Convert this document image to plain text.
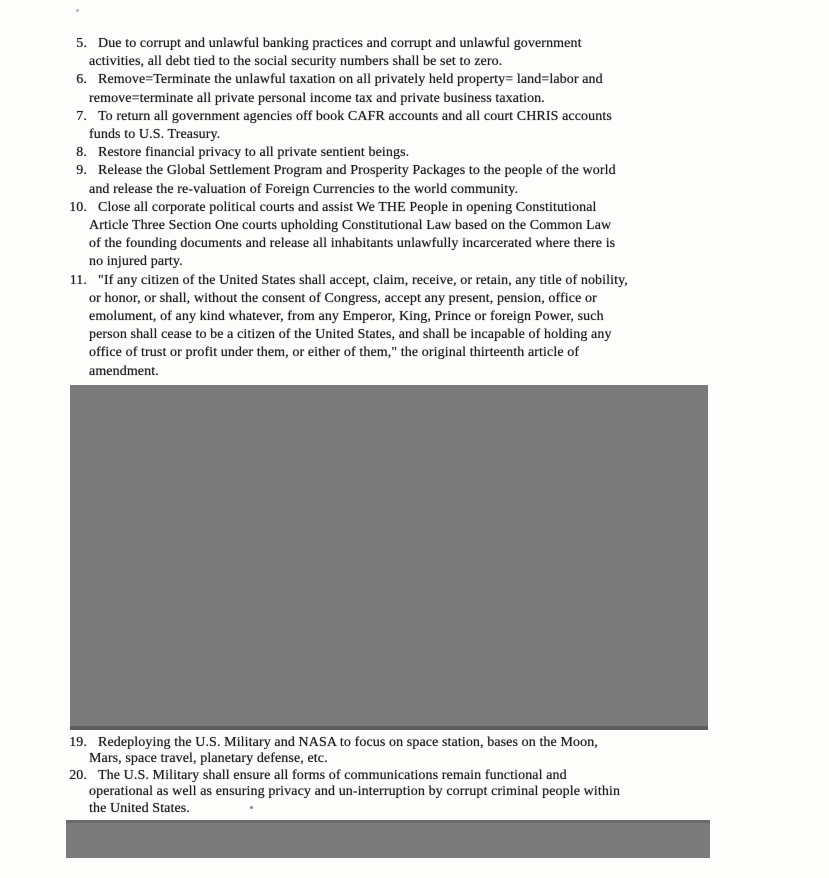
5. Due to corrupt and unlawful banking practices and corrupt and unlawful government
activities, all debt tied to the social security numbers shall be set to zero.
6. Remove=Terminate the unlawful taxation on all privately held property= land=labor and
remove=terminate all private personal income tax and private business taxation.
7. To return all government agencies off book CAFR accounts and all court CHRIS accounts
funds to U.S. Treasury.
8. Restore financial privacy to all private sentient beings.
9. Release the Global Settlement Program and Prosperity Packages to the people of the world
and release the re-valuation of Foreign Currencies to the world community.
10. Close all corporate political courts and assist We THE People in opening Constitutional
Article Three Section One courts upholding Constitutional Law based on the Common Law
of the founding documents and release all inhabitants unlawfully incarcerated where there is
no injured party.
11. "If any citizen of the United States shall accept, claim, receive, or retain, any title of nobility,
or honor, or shall, without the consent of Congress, accept any present, pension, office or
emolument, of any kind whatever, from any Emperor, King, Prince or foreign Power, such
person shall cease to be a citizen of the United States, and shall be incapable of holding any
office of trust or profit under them, or either of them," the original thirteenth article of
amendment.
19. Redeploying the U.S. Military and NASA to focus on space station, bases on the Moon,
Mars, space travel, planetary defense, etc.
20. The U.S. Military shall ensure all forms of communications remain functional and
operational as well as ensuring privacy and un-interruption by corrupt criminal people within
the United States.
